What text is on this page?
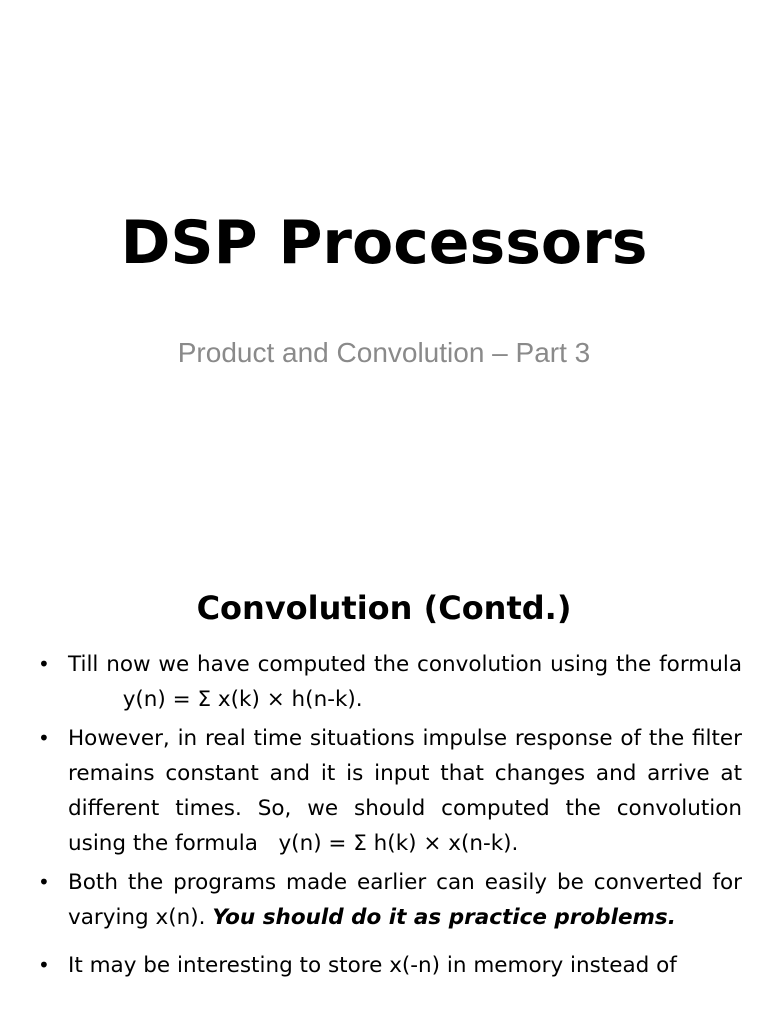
DSP Processors

Product and Convolution – Part 3

Convolution (Contd.)
• Till now we have computed the convolution using the formula        y(n) = Σ x(k) × h(n-k).
• However, in real time situations impulse response of the filter remains constant and it is input that changes and arrive at different times. So, we should computed the convolution using the formula y(n) = Σ h(k) × x(n-k).
• Both the programs made earlier can easily be converted for varying x(n). You should do it as practice problems.
• It may be interesting to store x(-n) in memory instead of
